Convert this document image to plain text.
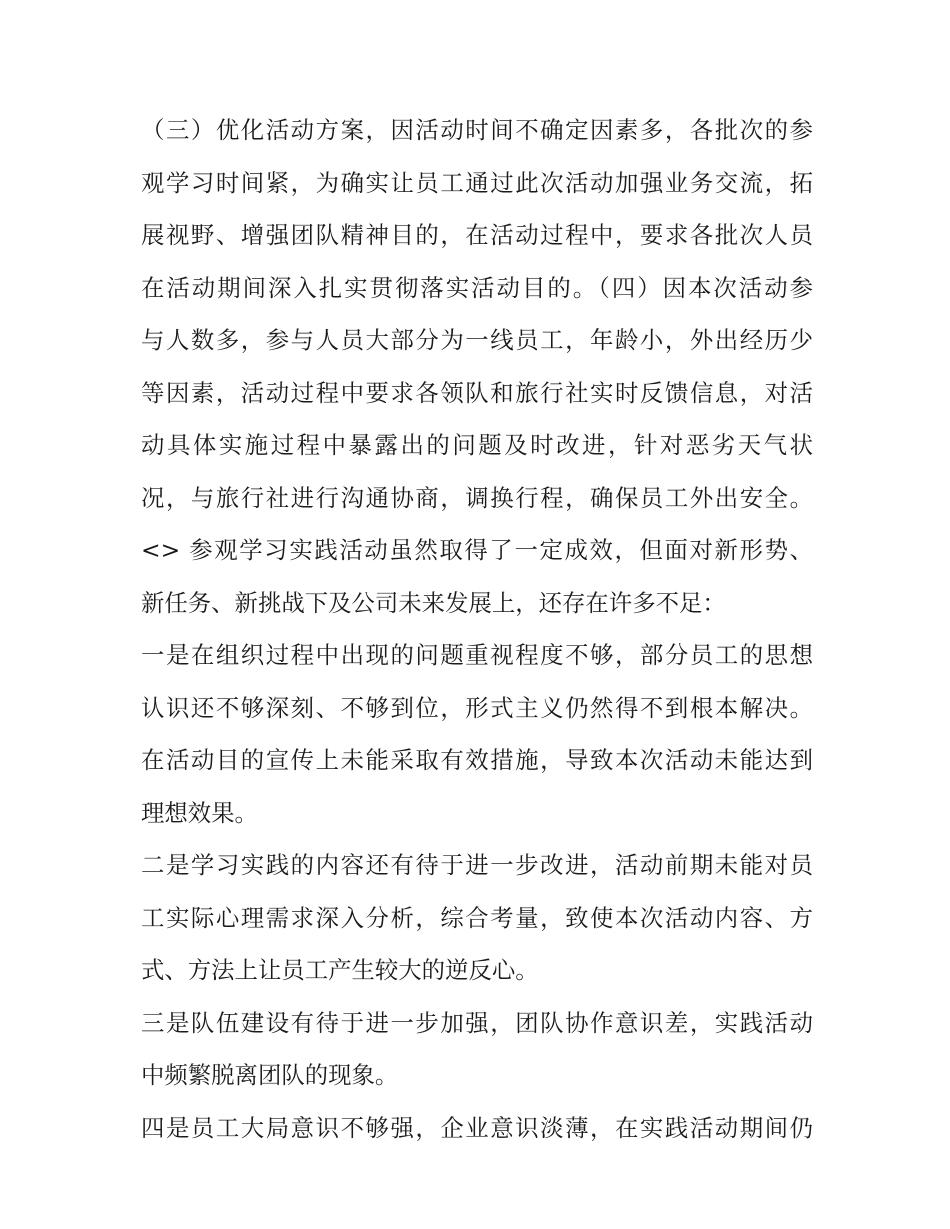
（三）优化活动方案，因活动时间不确定因素多，各批次的参
观学习时间紧，为确实让员工通过此次活动加强业务交流，拓
展视野、增强团队精神目的，在活动过程中，要求各批次人员
在活动期间深入扎实贯彻落实活动目的。（四）因本次活动参
与人数多，参与人员大部分为一线员工，年龄小，外出经历少
等因素，活动过程中要求各领队和旅行社实时反馈信息，对活
动具体实施过程中暴露出的问题及时改进，针对恶劣天气状
况，与旅行社进行沟通协商，调换行程，确保员工外出安全。
<> 参观学习实践活动虽然取得了一定成效，但面对新形势、
新任务、新挑战下及公司未来发展上，还存在许多不足：
一是在组织过程中出现的问题重视程度不够，部分员工的思想
认识还不够深刻、不够到位，形式主义仍然得不到根本解决。
在活动目的宣传上未能采取有效措施，导致本次活动未能达到
理想效果。
二是学习实践的内容还有待于进一步改进，活动前期未能对员
工实际心理需求深入分析，综合考量，致使本次活动内容、方
式、方法上让员工产生较大的逆反心。
三是队伍建设有待于进一步加强，团队协作意识差，实践活动
中频繁脱离团队的现象。
四是员工大局意识不够强，企业意识淡薄，在实践活动期间仍
